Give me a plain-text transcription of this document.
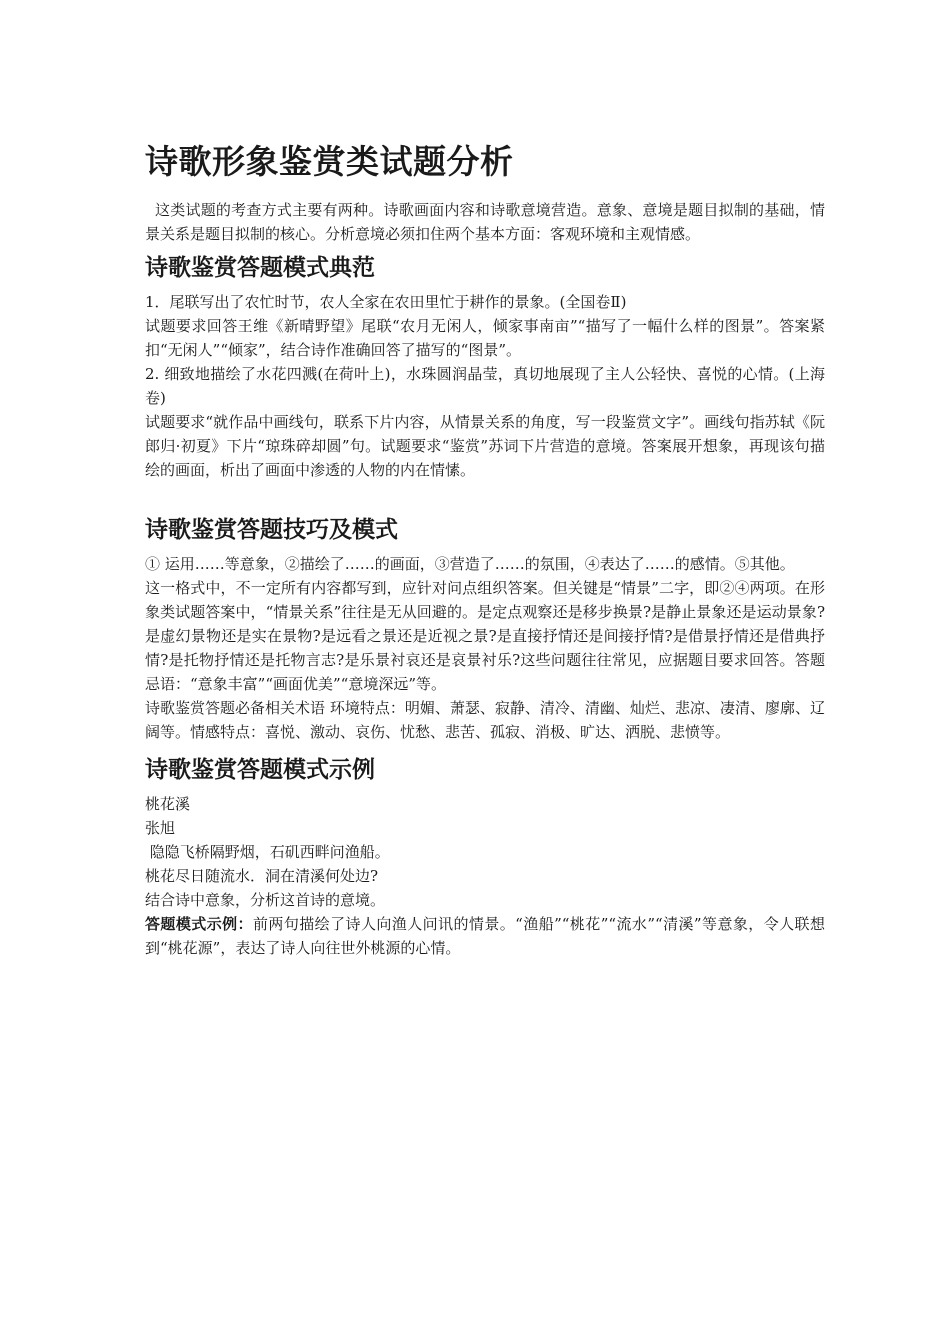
诗歌形象鉴赏类试题分析

这类试题的考查方式主要有两种。诗歌画面内容和诗歌意境营造。意象、意境是题目拟制的基础，情景关系是题目拟制的核心。分析意境必须扣住两个基本方面：客观环境和主观情感。

诗歌鉴赏答题模式典范

1．尾联写出了农忙时节，农人全家在农田里忙于耕作的景象。(全国卷Ⅱ)

试题要求回答王维《新晴野望》尾联“农月无闲人，倾家事南亩”“描写了一幅什么样的图景”。答案紧扣“无闲人”“倾家”，结合诗作准确回答了描写的“图景”。

2. 细致地描绘了水花四溅(在荷叶上)，水珠圆润晶莹，真切地展现了主人公轻快、喜悦的心情。(上海卷)

试题要求“就作品中画线句，联系下片内容，从情景关系的角度，写一段鉴赏文字”。画线句指苏轼《阮郎归·初夏》下片“琼珠碎却圆”句。试题要求“鉴赏”苏词下片营造的意境。答案展开想象，再现该句描绘的画面，析出了画面中渗透的人物的内在情愫。

诗歌鉴赏答题技巧及模式

① 运用……等意象，②描绘了……的画面，③营造了……的氛围，④表达了……的感情。⑤其他。

这一格式中，不一定所有内容都写到，应针对问点组织答案。但关键是“情景”二字，即②④两项。在形象类试题答案中，“情景关系”往往是无从回避的。是定点观察还是移步换景?是静止景象还是运动景象?是虚幻景物还是实在景物?是远看之景还是近视之景?是直接抒情还是间接抒情?是借景抒情还是借典抒情?是托物抒情还是托物言志?是乐景衬哀还是哀景衬乐?这些问题往往常见，应据题目要求回答。答题忌语：“意象丰富”“画面优美”“意境深远”等。

诗歌鉴赏答题必备相关术语 环境特点：明媚、萧瑟、寂静、清冷、清幽、灿烂、悲凉、凄清、廖廓、辽阔等。情感特点：喜悦、激动、哀伤、忧愁、悲苦、孤寂、消极、旷达、洒脱、悲愤等。

诗歌鉴赏答题模式示例

桃花溪

张旭

隐隐飞桥隔野烟，石矶西畔问渔船。

桃花尽日随流水．洞在清溪何处边?

结合诗中意象，分析这首诗的意境。

答题模式示例：前两句描绘了诗人向渔人问讯的情景。“渔船”“桃花”“流水”“清溪”等意象，令人联想到“桃花源”，表达了诗人向往世外桃源的心情。
